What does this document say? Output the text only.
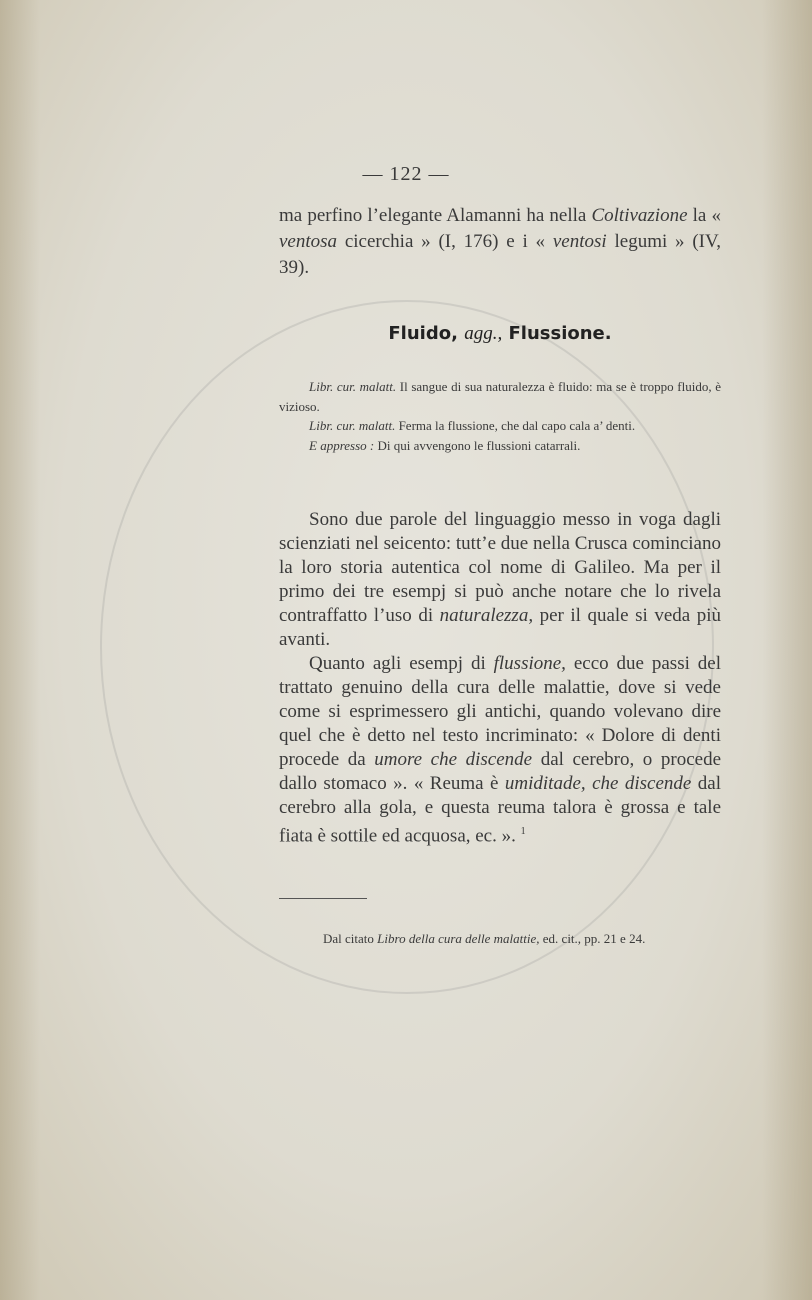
— 122 —
ma perfino l’elegante Alamanni ha nella Coltivazione la « ventosa cicerchia » (I, 176) e i « ventosi legumi » (IV, 39).
Fluido, agg., Flussione.

Libr. cur. malatt. Il sangue di sua naturalezza è fluido: ma se è troppo fluido, è vizioso.

Libr. cur. malatt. Ferma la flussione, che dal capo cala a’ denti.

E appresso : Di qui avvengono le flussioni catarrali.

Sono due parole del linguaggio messo in voga dagli scienziati nel seicento: tutt’e due nella Crusca cominciano la loro storia autentica col nome di Galileo. Ma per il primo dei tre esempj si può anche notare che lo rivela contraffatto l’uso di naturalezza, per il quale si veda più avanti.

Quanto agli esempj di flussione, ecco due passi del trattato genuino della cura delle malattie, dove si vede come si esprimessero gli antichi, quando volevano dire quel che è detto nel testo incriminato: « Dolore di denti procede da umore che discende dal cerebro, o procede dallo stomaco ». « Reuma è umiditade, che discende dal cerebro alla gola, e questa reuma talora è grossa e tale fiata è sottile ed acquosa, ec. ». $^1$

Dal citato Libro della cura delle malattie, ed. cit., pp. 21 e 24.
